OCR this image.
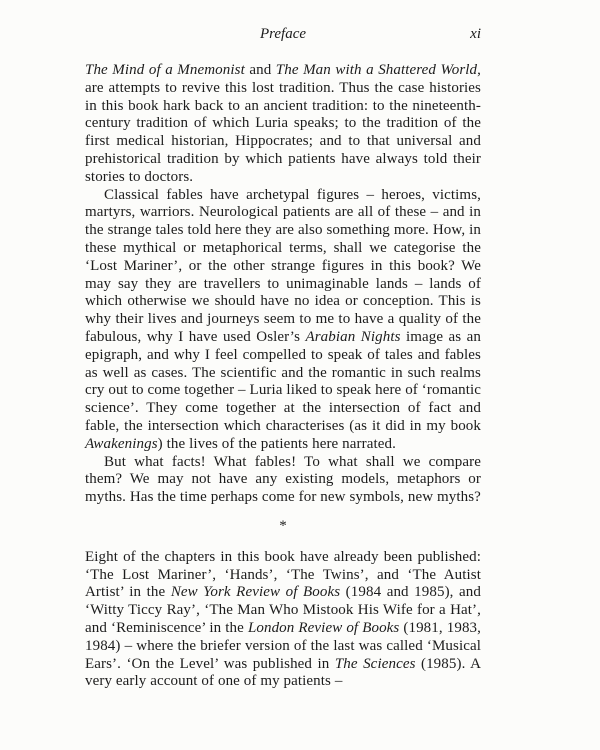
Preface	xi

The Mind of a Mnemonist and The Man with a Shattered World, are attempts to revive this lost tradition. Thus the case histories in this book hark back to an ancient tradition: to the nineteenth-century tradition of which Luria speaks; to the tradition of the first medical historian, Hippocrates; and to that universal and prehistorical tradition by which patients have always told their stories to doctors.

Classical fables have archetypal figures – heroes, victims, martyrs, warriors. Neurological patients are all of these – and in the strange tales told here they are also something more. How, in these mythical or metaphorical terms, shall we categorise the ‘Lost Mariner’, or the other strange figures in this book? We may say they are travellers to unimaginable lands – lands of which otherwise we should have no idea or conception. This is why their lives and journeys seem to me to have a quality of the fabulous, why I have used Osler’s Arabian Nights image as an epigraph, and why I feel compelled to speak of tales and fables as well as cases. The scientific and the romantic in such realms cry out to come together – Luria liked to speak here of ‘romantic science’. They come together at the intersection of fact and fable, the intersection which characterises (as it did in my book Awakenings) the lives of the patients here narrated.

But what facts! What fables! To what shall we compare them? We may not have any existing models, metaphors or myths. Has the time perhaps come for new symbols, new myths?

*

Eight of the chapters in this book have already been published: ‘The Lost Mariner’, ‘Hands’, ‘The Twins’, and ‘The Autist Artist’ in the New York Review of Books (1984 and 1985), and ‘Witty Ticcy Ray’, ‘The Man Who Mistook His Wife for a Hat’, and ‘Reminiscence’ in the London Review of Books (1981, 1983, 1984) – where the briefer version of the last was called ‘Musical Ears’. ‘On the Level’ was published in The Sciences (1985). A very early account of one of my patients –
